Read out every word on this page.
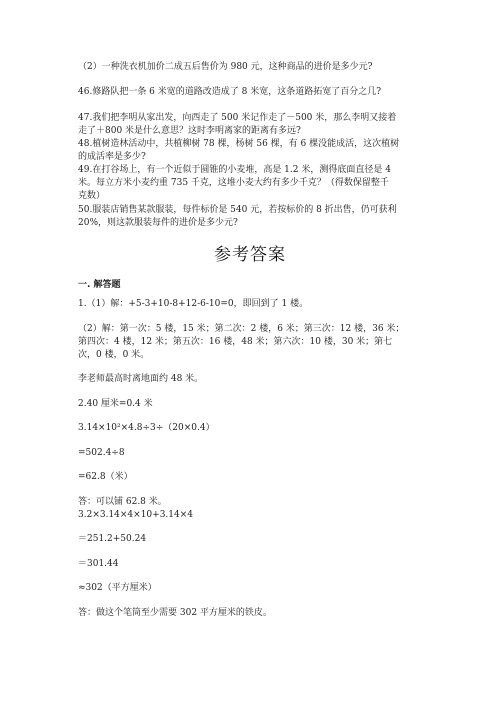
（2）一种洗衣机加价二成五后售价为 980 元，这种商品的进价是多少元?
46.修路队把一条 6 米宽的道路改造成了 8 米宽，这条道路拓宽了百分之几?
47.我们把李明从家出发，向西走了 500 米记作走了－500 米，那么李明又接着
走了＋800 米是什么意思？这时李明离家的距离有多远?
48.植树造林活动中，共植柳树 78 棵，杨树 56 棵，有 6 棵没能成活，这次植树
的成活率是多少?
49.在打谷场上，有一个近似于圆锥的小麦堆，高是 1.2 米，测得底面直径是 4
米。每立方米小麦约重 735 千克，这堆小麦大约有多少千克？（得数保留整千
克数）
50.服装店销售某款服装，每件标价是 540 元，若按标价的 8 折出售，仍可获利
20%，则这款服装每件的进价是多少元?
参考答案
一. 解答题
1.（1）解：+5-3+10-8+12-6-10=0，即回到了 1 楼。
（2）解：第一次：5 楼，15 米；第二次：2 楼，6 米；第三次：12 楼，36 米；
第四次：4 楼，12 米；第五次：16 楼，48 米；第六次：10 楼，30 米；第七
次，0 楼，0 米。
李老师最高时离地面约 48 米。
2.40 厘米=0.4 米
3.14×10²×4.8÷3÷（20×0.4）
=502.4÷8
=62.8（米）
答：可以铺 62.8 米。
3.2×3.14×4×10+3.14×4
＝251.2+50.24
＝301.44
≈302（平方厘米）
答：做这个笔筒至少需要 302 平方厘米的铁皮。
